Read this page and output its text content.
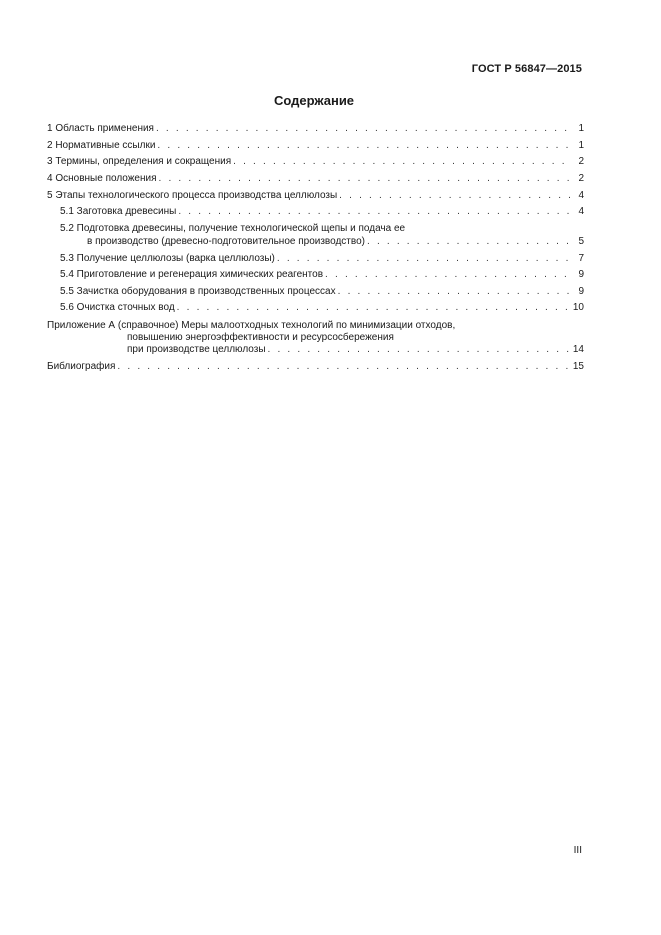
ГОСТ Р 56847—2015
Содержание
1 Область применения . . .	1
2 Нормативные ссылки . . .	1
3 Термины, определения и сокращения . . .	2
4 Основные положения . . .	2
5 Этапы технологического процесса производства целлюлозы . . .	4
5.1 Заготовка древесины . . .	4
5.2 Подготовка древесины, получение технологической щепы и подача ее
в производство (древесно-подготовительное производство) . . .	5
5.3 Получение целлюлозы (варка целлюлозы) . . .	7
5.4 Приготовление и регенерация химических реагентов . . .	9
5.5 Зачистка оборудования в производственных процессах . . .	9
5.6 Очистка сточных вод . . .	10
Приложение А (справочное) Меры малоотходных технологий по минимизации отходов,
повышению энергоэффективности и ресурсосбережения
при производстве целлюлозы . . .	14
Библиография . . .	15
III
